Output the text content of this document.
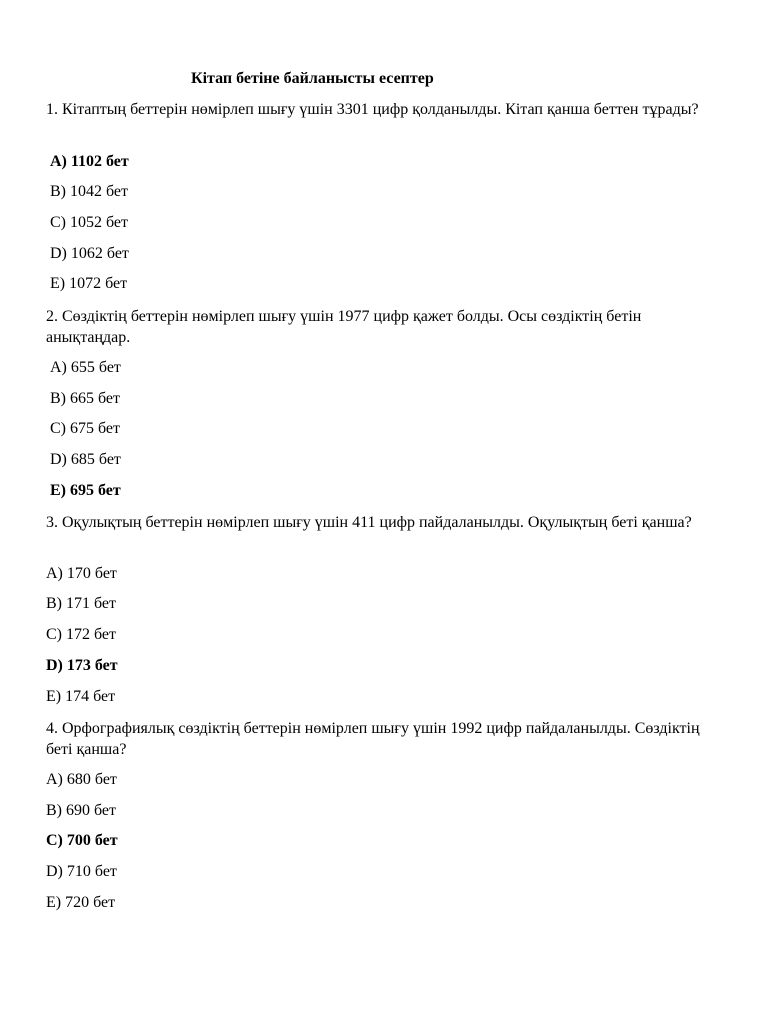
Кітап бетіне байланысты есептер
1. Кітаптың беттерін нөмірлеп шығу үшін 3301 цифр қолданылды. Кітап қанша беттен тұрады?
A) 1102 бет
B) 1042 бет
C) 1052 бет
D) 1062 бет
E) 1072 бет
2. Сөздіктің беттерін нөмірлеп шығу үшін 1977 цифр қажет болды. Осы сөздіктің бетін анықтаңдар.
A) 655 бет
B) 665 бет
C) 675 бет
D) 685 бет
E) 695 бет
3. Оқулықтың беттерін нөмірлеп шығу үшін 411 цифр пайдаланылды. Оқулықтың беті қанша?
A) 170 бет
B) 171 бет
C) 172 бет
D) 173 бет
E) 174 бет
4. Орфографиялық сөздіктің беттерін нөмірлеп шығу үшін 1992 цифр пайдаланылды. Сөздіктің беті қанша?
A) 680 бет
B) 690 бет
C) 700 бет
D) 710 бет
E) 720 бет
